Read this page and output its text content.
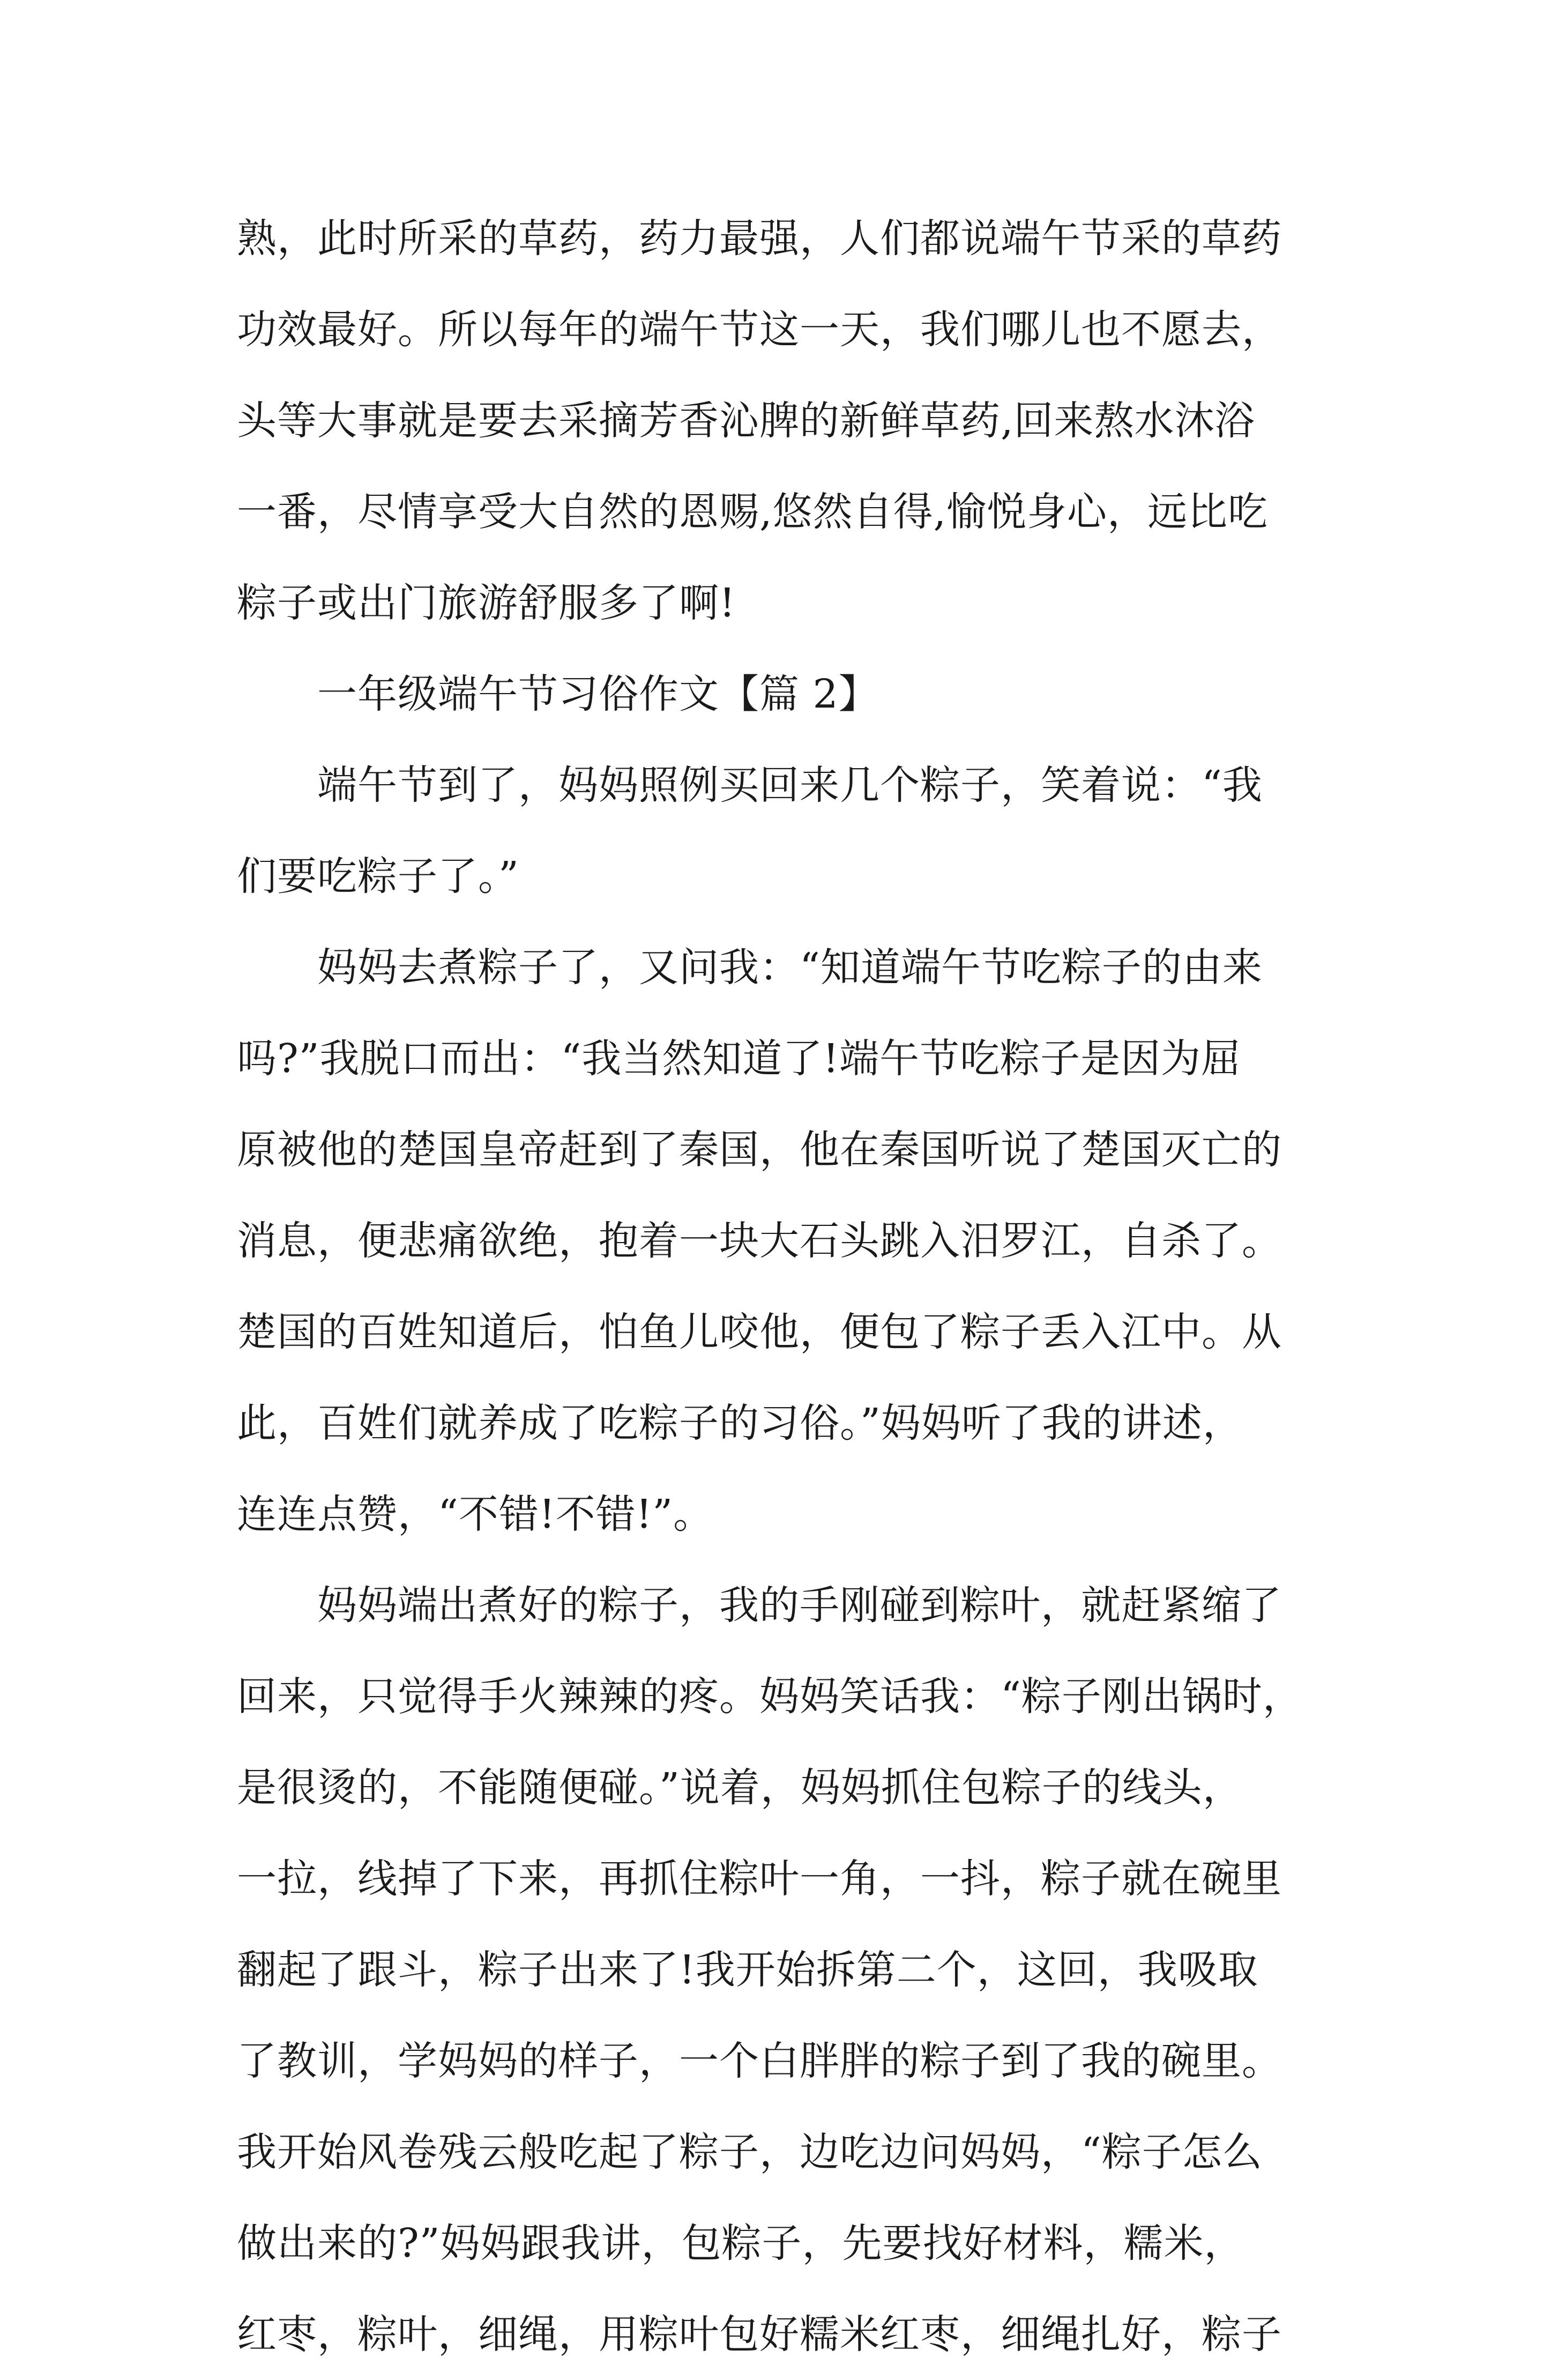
熟，此时所采的草药，药力最强，人们都说端午节采的草药
功效最好。所以每年的端午节这一天，我们哪儿也不愿去，
头等大事就是要去采摘芳香沁脾的新鲜草药,回来熬水沐浴
一番，尽情享受大自然的恩赐,悠然自得,愉悦身心，远比吃
粽子或出门旅游舒服多了啊!
一年级端午节习俗作文【篇 2】
端午节到了，妈妈照例买回来几个粽子，笑着说：“我
们要吃粽子了。”
妈妈去煮粽子了，又问我：“知道端午节吃粽子的由来
吗?”我脱口而出：“我当然知道了!端午节吃粽子是因为屈
原被他的楚国皇帝赶到了秦国，他在秦国听说了楚国灭亡的
消息，便悲痛欲绝，抱着一块大石头跳入汨罗江，自杀了。
楚国的百姓知道后，怕鱼儿咬他，便包了粽子丢入江中。从
此，百姓们就养成了吃粽子的习俗。”妈妈听了我的讲述，
连连点赞，“不错!不错!”。
妈妈端出煮好的粽子，我的手刚碰到粽叶，就赶紧缩了
回来，只觉得手火辣辣的疼。妈妈笑话我：“粽子刚出锅时，
是很烫的，不能随便碰。”说着，妈妈抓住包粽子的线头，
一拉，线掉了下来，再抓住粽叶一角，一抖，粽子就在碗里
翻起了跟斗，粽子出来了!我开始拆第二个，这回，我吸取
了教训，学妈妈的样子，一个白胖胖的粽子到了我的碗里。
我开始风卷残云般吃起了粽子，边吃边问妈妈，“粽子怎么
做出来的?”妈妈跟我讲，包粽子，先要找好材料，糯米，
红枣，粽叶，细绳，用粽叶包好糯米红枣，细绳扎好，粽子
